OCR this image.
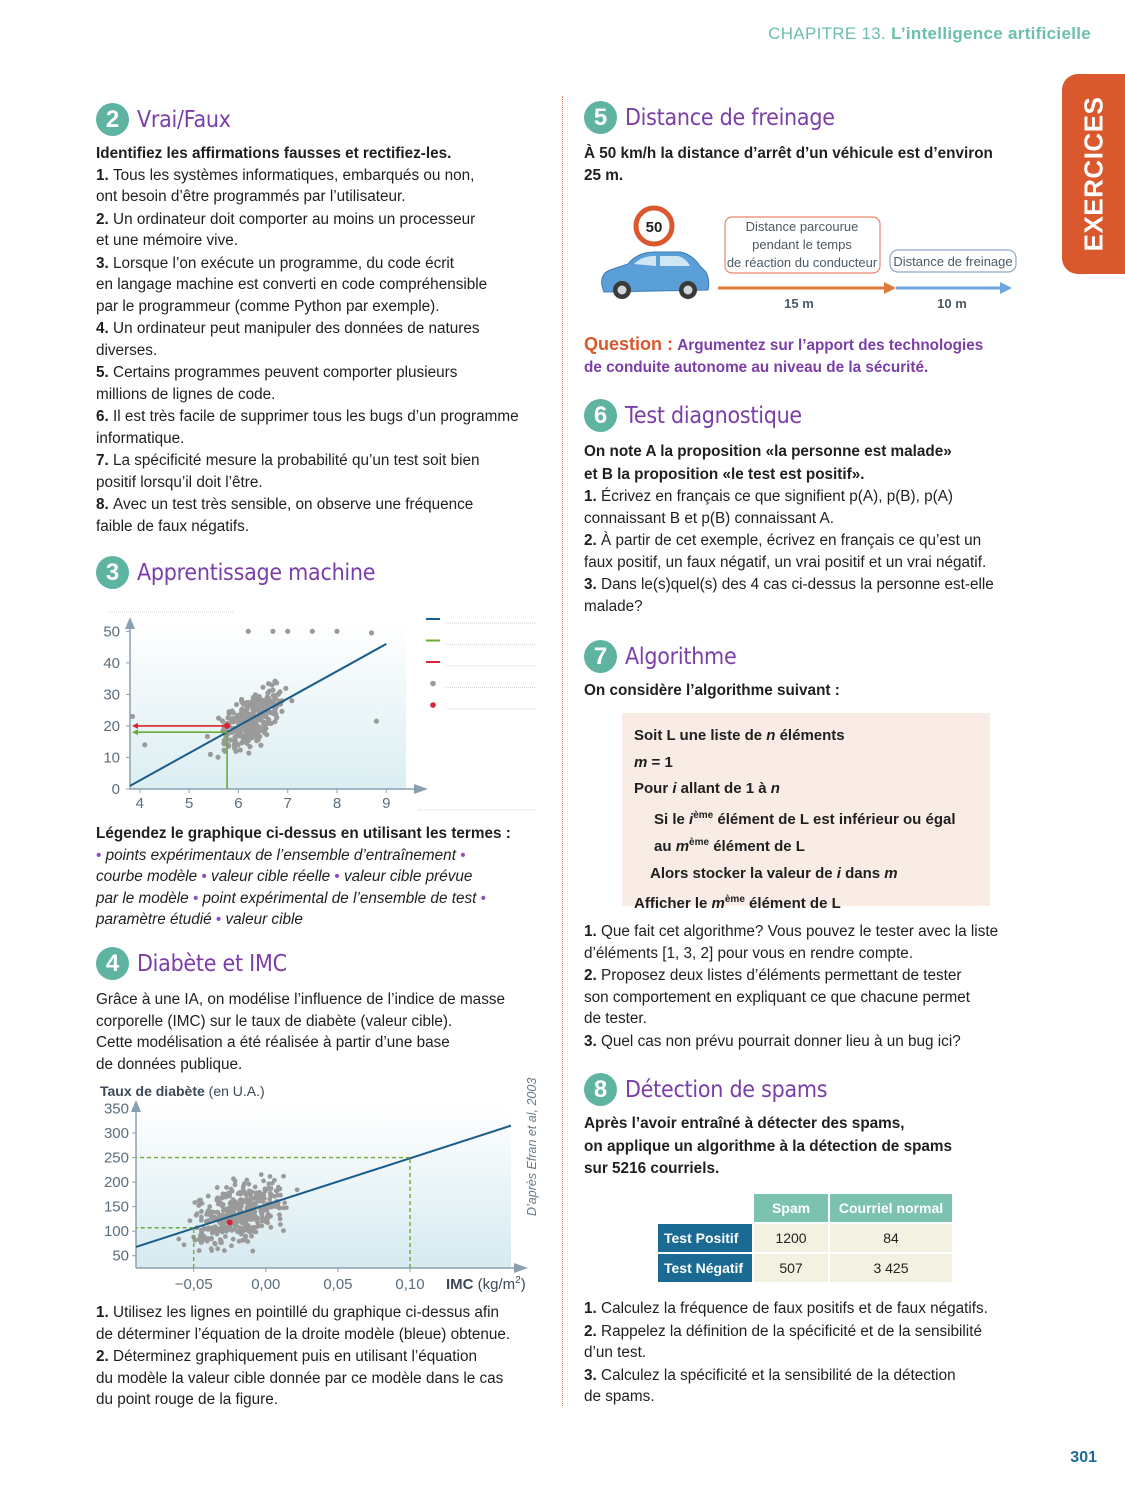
CHAPITRE 13. L’intelligence artificielle
EXERCICES
2 Vrai/Faux
Identifiez les affirmations fausses et rectifiez-les.
1. Tous les systèmes informatiques, embarqués ou non,
ont besoin d’être programmés par l’utilisateur.
2. Un ordinateur doit comporter au moins un processeur
et une mémoire vive.
3. Lorsque l’on exécute un programme, du code écrit
en langage machine est converti en code compréhensible
par le programmeur (comme Python par exemple).
4. Un ordinateur peut manipuler des données de natures
diverses.
5. Certains programmes peuvent comporter plusieurs
millions de lignes de code.
6. Il est très facile de supprimer tous les bugs d’un programme
informatique.
7. La spécificité mesure la probabilité qu’un test soit bien
positif lorsqu’il doit l’être.
8. Avec un test très sensible, on observe une fréquence
faible de faux négatifs.
3 Apprentissage machine
0
10
20
30
40
50
4	5	6	7	8	9
Légendez le graphique ci-dessus en utilisant les termes :
• points expérimentaux de l’ensemble d’entraînement •
courbe modèle • valeur cible réelle • valeur cible prévue
par le modèle • point expérimental de l’ensemble de test •
paramètre étudié • valeur cible
4 Diabète et IMC
Grâce à une IA, on modélise l’influence de l’indice de masse
corporelle (IMC) sur le taux de diabète (valeur cible).
Cette modélisation a été réalisée à partir d’une base
de données publique.
Taux de diabète (en U.A.)
50
100
150
200
250
300
350
−0,05	0,00	0,05	0,10 IMC $(kg/m^2)$
D’après Efran et al, 2003
1. Utilisez les lignes en pointillé du graphique ci-dessus afin
de déterminer l’équation de la droite modèle (bleue) obtenue.
2. Déterminez graphiquement puis en utilisant l’équation
du modèle la valeur cible donnée par ce modèle dans le cas
du point rouge de la figure.
5 Distance de freinage
À 50 km/h la distance d’arrêt d’un véhicule est d’environ
25 m.
50	Distance parcourue
pendant le temps
de réaction du conducteur Distance de freinage
15 m	10 m
Question : Argumentez sur l’apport des technologies
de conduite autonome au niveau de la sécurité.
6 Test diagnostique
On note A la proposition «la personne est malade»
et B la proposition «le test est positif».
1. Écrivez en français ce que signifient p(A), p(B), p(A)
connaissant B et p(B) connaissant A.
2. À partir de cet exemple, écrivez en français ce qu’est un
faux positif, un faux négatif, un vrai positif et un vrai négatif.
3. Dans le(s)quel(s) des 4 cas ci-dessus la personne est-elle
malade?
7 Algorithme
On considère l’algorithme suivant :
Soit L une liste de n éléments
m = 1
Pour i allant de 1 à n
Si le $i^{ème}$ élément de L est inférieur ou égal
au $m^{ème}$ élément de L
Alors stocker la valeur de i dans m
Afficher le $m^{ème}$ élément de L
1. Que fait cet algorithme? Vous pouvez le tester avec la liste
d’éléments [1, 3, 2] pour vous en rendre compte.
2. Proposez deux listes d’éléments permettant de tester
son comportement en expliquant ce que chacune permet
de tester.
3. Quel cas non prévu pourrait donner lieu à un bug ici?
8 Détection de spams
Après l’avoir entraîné à détecter des spams,
on applique un algorithme à la détection de spams
sur 5216 courriels.
	Spam	Courriel normal
Test Positif	1200	84
Test Négatif	507	3 425
1. Calculez la fréquence de faux positifs et de faux négatifs.
2. Rappelez la définition de la spécificité et de la sensibilité
d’un test.
3. Calculez la spécificité et la sensibilité de la détection
de spams.
301
